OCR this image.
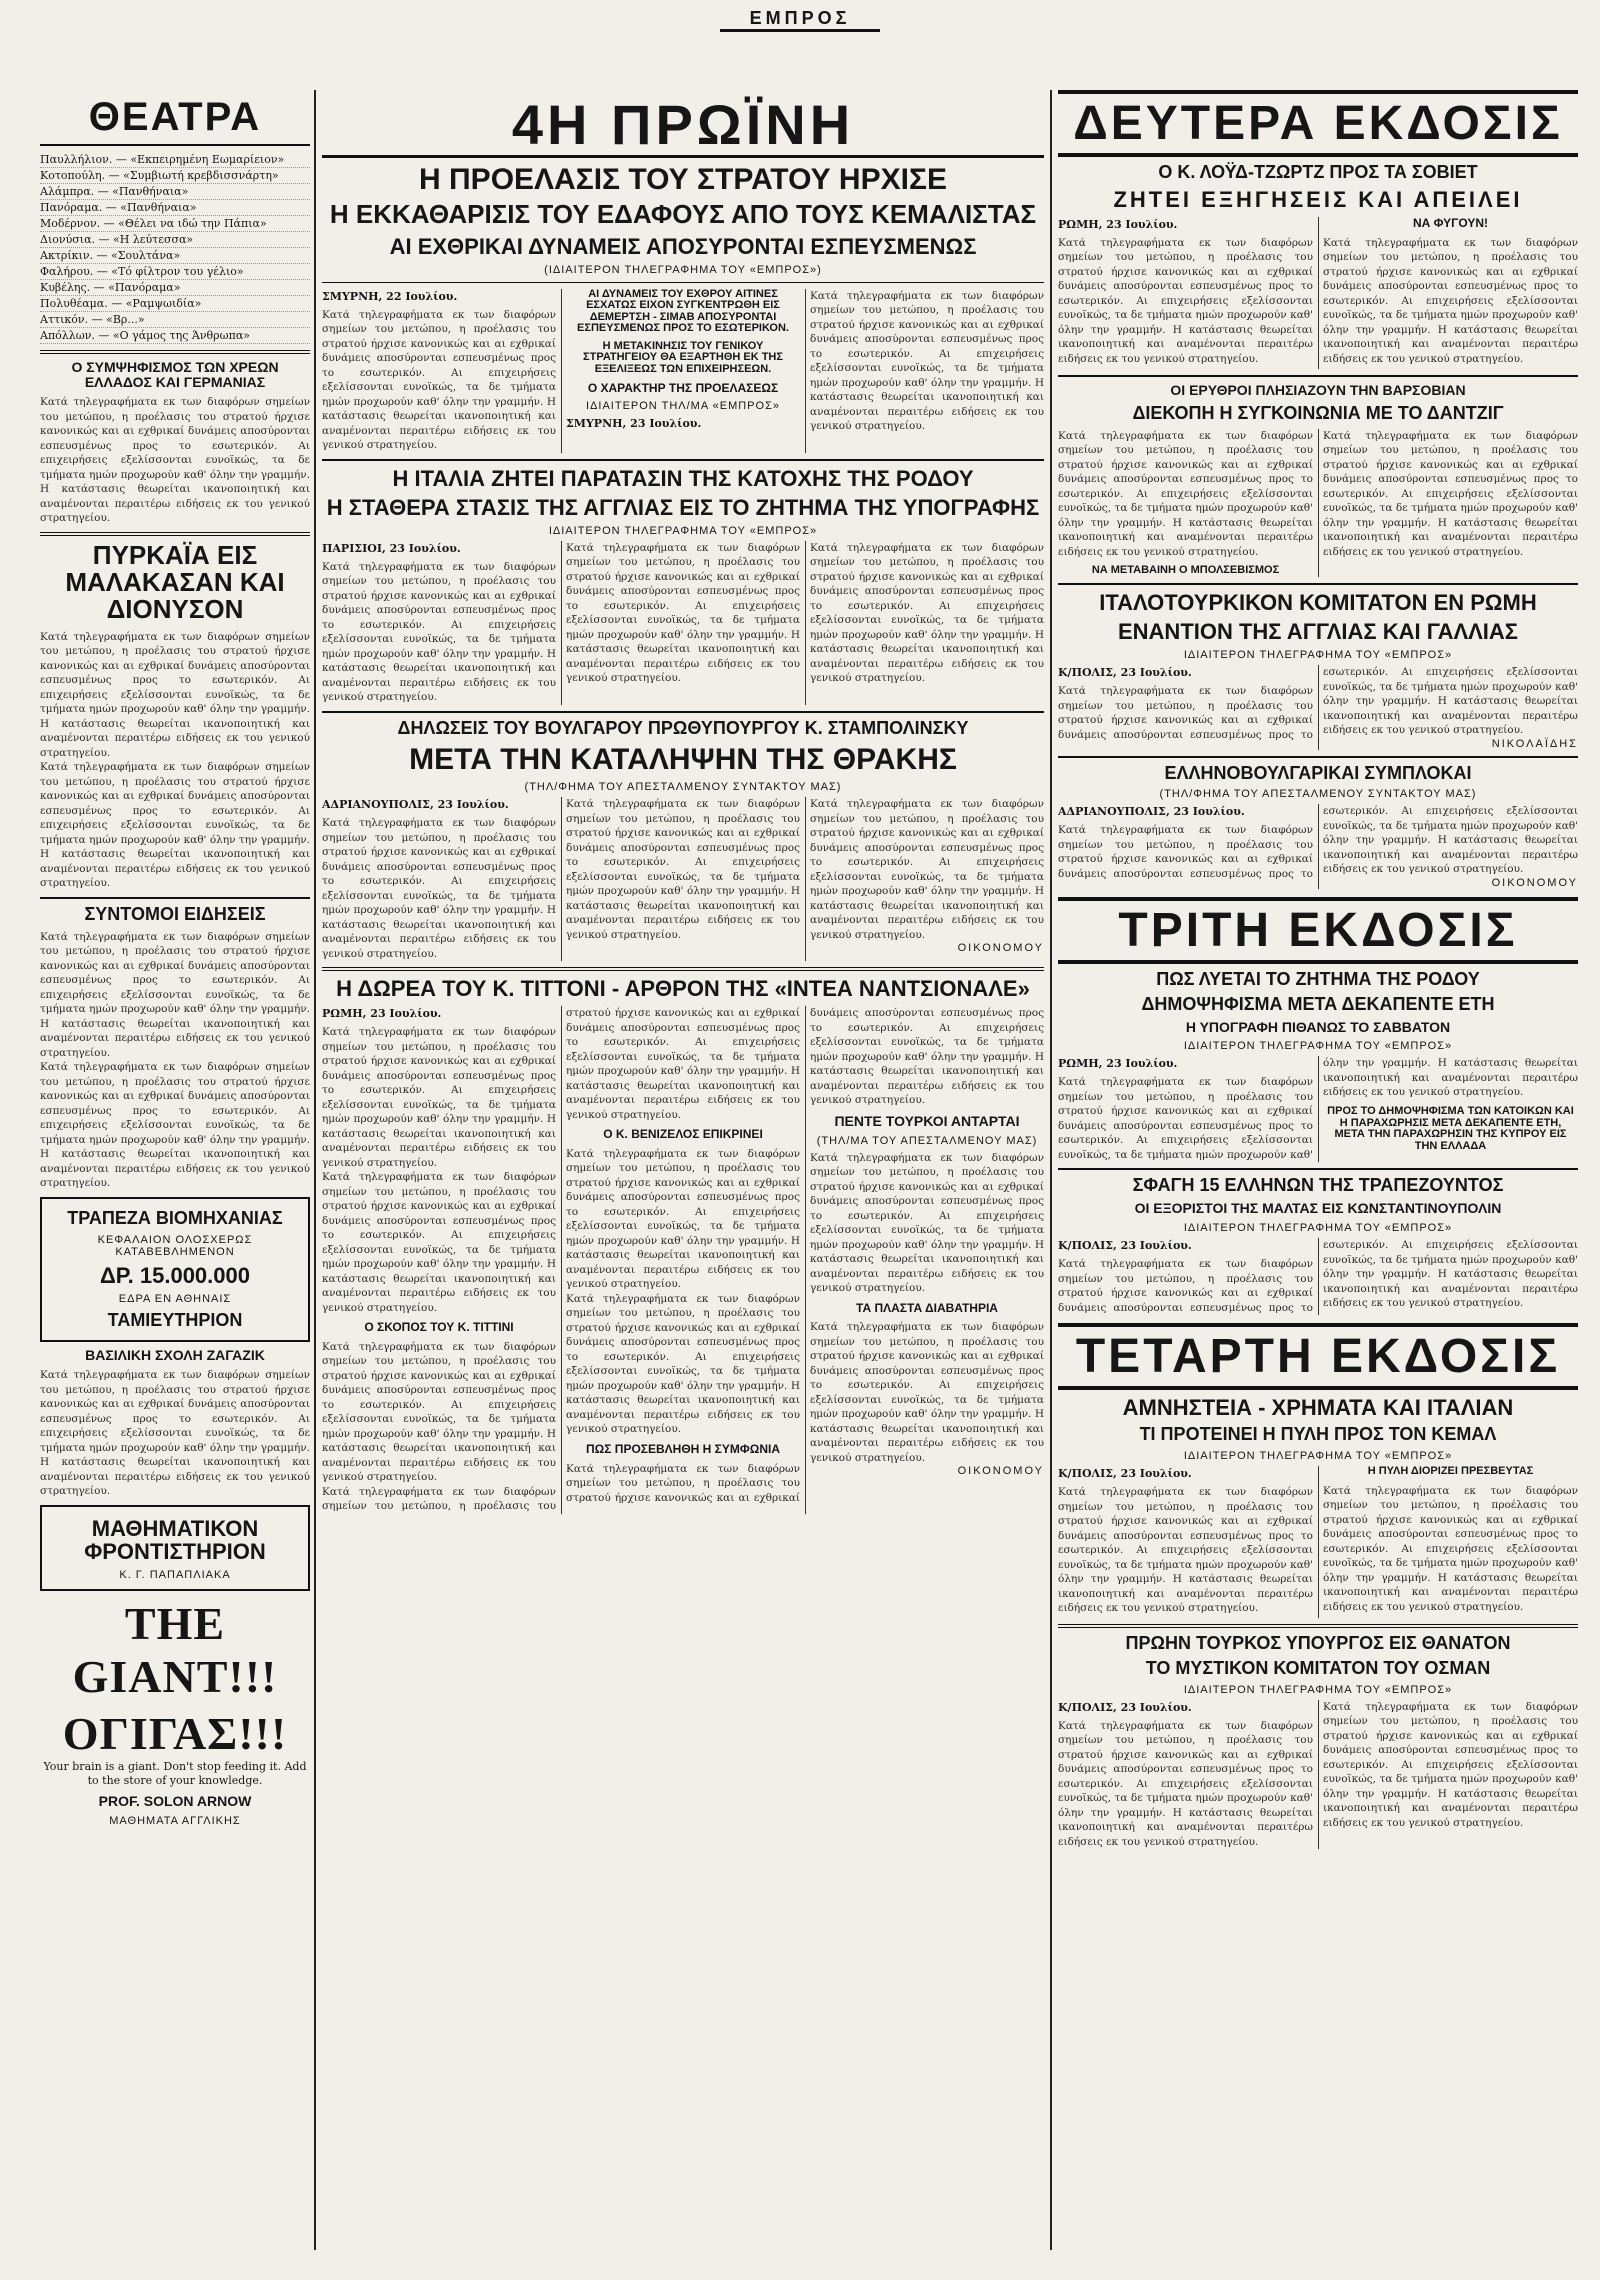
ΕΜΠΡΟΣ
ΘΕΑΤΡΑ
Παυλλήλιον. — «Εκπειρημένη Εωμαρίειον»
Κοτοπούλη. — «Συμβιωτή κρεβδισσνάρτη»
Αλάμπρα. — «Πανθήναια»
Πανόραμα. — «Πανθήναια»
Μοδέρνον. — «Θέλει να ιδώ την Πάπια»
Διονύσια. — «Η λεύτεσσα»
Ακτρίκιν. — «Σουλτάνα»
Φαλήρου. — «Τό φίλτρον του γέλιο»
Κυβέλης. — «Πανόραμα»
Πολυθέαμα. — «Ραμψωιδία»
Αττικόν. — «Βρ...»
Απόλλων. — «Ο γάμος της Άνθρωπα»
Ο ΣΥΜΨΗΦΙΣΜΟΣ ΤΩΝ ΧΡΕΩΝ ΕΛΛΑΔΟΣ ΚΑΙ ΓΕΡΜΑΝΙΑΣ

Κατά τηλεγραφήματα εκ των διαφόρων σημείων του μετώπου, η προέλασις του στρατού ήρχισε κανονικώς και αι εχθρικαί δυνάμεις αποσύρονται εσπευσμένως προς το εσωτερικόν. Αι επιχειρήσεις εξελίσσονται ευνοϊκώς, τα δε τμήματα ημών προχωρούν καθ' όλην την γραμμήν. Η κατάστασις θεωρείται ικανοποιητική και αναμένονται περαιτέρω ειδήσεις εκ του γενικού στρατηγείου.

ΠΥΡΚΑΪΑ ΕΙΣ ΜΑΛΑΚΑΣΑΝ ΚΑΙ ΔΙΟΝΥΣΟΝ

Κατά τηλεγραφήματα εκ των διαφόρων σημείων του μετώπου, η προέλασις του στρατού ήρχισε κανονικώς και αι εχθρικαί δυνάμεις αποσύρονται εσπευσμένως προς το εσωτερικόν. Αι επιχειρήσεις εξελίσσονται ευνοϊκώς, τα δε τμήματα ημών προχωρούν καθ' όλην την γραμμήν. Η κατάστασις θεωρείται ικανοποιητική και αναμένονται περαιτέρω ειδήσεις εκ του γενικού στρατηγείου.

Κατά τηλεγραφήματα εκ των διαφόρων σημείων του μετώπου, η προέλασις του στρατού ήρχισε κανονικώς και αι εχθρικαί δυνάμεις αποσύρονται εσπευσμένως προς το εσωτερικόν. Αι επιχειρήσεις εξελίσσονται ευνοϊκώς, τα δε τμήματα ημών προχωρούν καθ' όλην την γραμμήν. Η κατάστασις θεωρείται ικανοποιητική και αναμένονται περαιτέρω ειδήσεις εκ του γενικού στρατηγείου.

ΣΥΝΤΟΜΟΙ ΕΙΔΗΣΕΙΣ

Κατά τηλεγραφήματα εκ των διαφόρων σημείων του μετώπου, η προέλασις του στρατού ήρχισε κανονικώς και αι εχθρικαί δυνάμεις αποσύρονται εσπευσμένως προς το εσωτερικόν. Αι επιχειρήσεις εξελίσσονται ευνοϊκώς, τα δε τμήματα ημών προχωρούν καθ' όλην την γραμμήν. Η κατάστασις θεωρείται ικανοποιητική και αναμένονται περαιτέρω ειδήσεις εκ του γενικού στρατηγείου.

Κατά τηλεγραφήματα εκ των διαφόρων σημείων του μετώπου, η προέλασις του στρατού ήρχισε κανονικώς και αι εχθρικαί δυνάμεις αποσύρονται εσπευσμένως προς το εσωτερικόν. Αι επιχειρήσεις εξελίσσονται ευνοϊκώς, τα δε τμήματα ημών προχωρούν καθ' όλην την γραμμήν. Η κατάστασις θεωρείται ικανοποιητική και αναμένονται περαιτέρω ειδήσεις εκ του γενικού στρατηγείου.

ΤΡΑΠΕΖΑ ΒΙΟΜΗΧΑΝΙΑΣ
ΚΕΦΑΛΑΙΟΝ ΟΛΟΣΧΕΡΩΣ ΚΑΤΑΒΕΒΛΗΜΕΝΟΝ
ΔΡ. 15.000.000
ΕΔΡΑ ΕΝ ΑΘΗΝΑΙΣ
ΤΑΜΙΕΥΤΗΡΙΟΝ
ΒΑΣΙΛΙΚΗ ΣΧΟΛΗ ΖΑΓΑΖΙΚ

Κατά τηλεγραφήματα εκ των διαφόρων σημείων του μετώπου, η προέλασις του στρατού ήρχισε κανονικώς και αι εχθρικαί δυνάμεις αποσύρονται εσπευσμένως προς το εσωτερικόν. Αι επιχειρήσεις εξελίσσονται ευνοϊκώς, τα δε τμήματα ημών προχωρούν καθ' όλην την γραμμήν. Η κατάστασις θεωρείται ικανοποιητική και αναμένονται περαιτέρω ειδήσεις εκ του γενικού στρατηγείου.

ΜΑΘΗΜΑΤΙΚΟΝ ΦΡΟΝΤΙΣΤΗΡΙΟΝ
Κ. Γ. ΠΑΠΑΠΛΙΑΚΑ
THE GIANT!!!
ΟΓΙΓΑΣ!!!
Your brain is a giant. Don't stop feeding it. Add to the store of your knowledge.
PROF. SOLON ARNOW
ΜΑΘΗΜΑΤΑ ΑΓΓΛΙΚΗΣ
4Η ΠΡΩΪΝΗ
Η ΠΡΟΕΛΑΣΙΣ ΤΟΥ ΣΤΡΑΤΟΥ ΗΡΧΙΣΕ
Η ΕΚΚΑΘΑΡΙΣΙΣ ΤΟΥ ΕΔΑΦΟΥΣ ΑΠΟ ΤΟΥΣ ΚΕΜΑΛΙΣΤΑΣ
ΑΙ ΕΧΘΡΙΚΑΙ ΔΥΝΑΜΕΙΣ ΑΠΟΣΥΡΟΝΤΑΙ ΕΣΠΕΥΣΜΕΝΩΣ
(ΙΔΙΑΙΤΕΡΟΝ ΤΗΛΕΓΡΑΦΗΜΑ ΤΟΥ «ΕΜΠΡΟΣ»)
ΣΜΥΡΝΗ, 22 Ιουλίου.

Κατά τηλεγραφήματα εκ των διαφόρων σημείων του μετώπου, η προέλασις του στρατού ήρχισε κανονικώς και αι εχθρικαί δυνάμεις αποσύρονται εσπευσμένως προς το εσωτερικόν. Αι επιχειρήσεις εξελίσσονται ευνοϊκώς, τα δε τμήματα ημών προχωρούν καθ' όλην την γραμμήν. Η κατάστασις θεωρείται ικανοποιητική και αναμένονται περαιτέρω ειδήσεις εκ του γενικού στρατηγείου.

ΑΙ ΔΥΝΑΜΕΙΣ ΤΟΥ ΕΧΘΡΟΥ ΑΙΤΙΝΕΣ ΕΣΧΑΤΩΣ ΕΙΧΟΝ ΣΥΓΚΕΝΤΡΩΘΗ ΕΙΣ ΔΕΜΕΡΤΣΗ - ΣΙΜΑΒ ΑΠΟΣΥΡΟΝΤΑΙ ΕΣΠΕΥΣΜΕΝΩΣ ΠΡΟΣ ΤΟ ΕΣΩΤΕΡΙΚΟΝ.
Η ΜΕΤΑΚΙΝΗΣΙΣ ΤΟΥ ΓΕΝΙΚΟΥ ΣΤΡΑΤΗΓΕΙΟΥ ΘΑ ΕΞΑΡΤΗΘΗ ΕΚ ΤΗΣ ΕΞΕΛΙΞΕΩΣ ΤΩΝ ΕΠΙΧΕΙΡΗΣΕΩΝ.
Ο ΧΑΡΑΚΤΗΡ ΤΗΣ ΠΡΟΕΛΑΣΕΩΣ
ΙΔΙΑΙΤΕΡΟΝ ΤΗΛ/ΜΑ «ΕΜΠΡΟΣ»
ΣΜΥΡΝΗ, 23 Ιουλίου.

Κατά τηλεγραφήματα εκ των διαφόρων σημείων του μετώπου, η προέλασις του στρατού ήρχισε κανονικώς και αι εχθρικαί δυνάμεις αποσύρονται εσπευσμένως προς το εσωτερικόν. Αι επιχειρήσεις εξελίσσονται ευνοϊκώς, τα δε τμήματα ημών προχωρούν καθ' όλην την γραμμήν. Η κατάστασις θεωρείται ικανοποιητική και αναμένονται περαιτέρω ειδήσεις εκ του γενικού στρατηγείου.

Η ΙΤΑΛΙΑ ΖΗΤΕΙ ΠΑΡΑΤΑΣΙΝ ΤΗΣ ΚΑΤΟΧΗΣ ΤΗΣ ΡΟΔΟΥ
Η ΣΤΑΘΕΡΑ ΣΤΑΣΙΣ ΤΗΣ ΑΓΓΛΙΑΣ ΕΙΣ ΤΟ ΖΗΤΗΜΑ ΤΗΣ ΥΠΟΓΡΑΦΗΣ
ΙΔΙΑΙΤΕΡΟΝ ΤΗΛΕΓΡΑΦΗΜΑ ΤΟΥ «ΕΜΠΡΟΣ»
ΠΑΡΙΣΙΟΙ, 23 Ιουλίου.

Κατά τηλεγραφήματα εκ των διαφόρων σημείων του μετώπου, η προέλασις του στρατού ήρχισε κανονικώς και αι εχθρικαί δυνάμεις αποσύρονται εσπευσμένως προς το εσωτερικόν. Αι επιχειρήσεις εξελίσσονται ευνοϊκώς, τα δε τμήματα ημών προχωρούν καθ' όλην την γραμμήν. Η κατάστασις θεωρείται ικανοποιητική και αναμένονται περαιτέρω ειδήσεις εκ του γενικού στρατηγείου.

Κατά τηλεγραφήματα εκ των διαφόρων σημείων του μετώπου, η προέλασις του στρατού ήρχισε κανονικώς και αι εχθρικαί δυνάμεις αποσύρονται εσπευσμένως προς το εσωτερικόν. Αι επιχειρήσεις εξελίσσονται ευνοϊκώς, τα δε τμήματα ημών προχωρούν καθ' όλην την γραμμήν. Η κατάστασις θεωρείται ικανοποιητική και αναμένονται περαιτέρω ειδήσεις εκ του γενικού στρατηγείου.

Κατά τηλεγραφήματα εκ των διαφόρων σημείων του μετώπου, η προέλασις του στρατού ήρχισε κανονικώς και αι εχθρικαί δυνάμεις αποσύρονται εσπευσμένως προς το εσωτερικόν. Αι επιχειρήσεις εξελίσσονται ευνοϊκώς, τα δε τμήματα ημών προχωρούν καθ' όλην την γραμμήν. Η κατάστασις θεωρείται ικανοποιητική και αναμένονται περαιτέρω ειδήσεις εκ του γενικού στρατηγείου.

ΔΗΛΩΣΕΙΣ ΤΟΥ ΒΟΥΛΓΑΡΟΥ ΠΡΩΘΥΠΟΥΡΓΟΥ Κ. ΣΤΑΜΠΟΛΙΝΣΚΥ
ΜΕΤΑ ΤΗΝ ΚΑΤΑΛΗΨΗΝ ΤΗΣ ΘΡΑΚΗΣ
(ΤΗΛ/ΦΗΜΑ ΤΟΥ ΑΠΕΣΤΑΛΜΕΝΟΥ ΣΥΝΤΑΚΤΟΥ ΜΑΣ)
ΑΔΡΙΑΝΟΥΠΟΛΙΣ, 23 Ιουλίου.

Κατά τηλεγραφήματα εκ των διαφόρων σημείων του μετώπου, η προέλασις του στρατού ήρχισε κανονικώς και αι εχθρικαί δυνάμεις αποσύρονται εσπευσμένως προς το εσωτερικόν. Αι επιχειρήσεις εξελίσσονται ευνοϊκώς, τα δε τμήματα ημών προχωρούν καθ' όλην την γραμμήν. Η κατάστασις θεωρείται ικανοποιητική και αναμένονται περαιτέρω ειδήσεις εκ του γενικού στρατηγείου.

Κατά τηλεγραφήματα εκ των διαφόρων σημείων του μετώπου, η προέλασις του στρατού ήρχισε κανονικώς και αι εχθρικαί δυνάμεις αποσύρονται εσπευσμένως προς το εσωτερικόν. Αι επιχειρήσεις εξελίσσονται ευνοϊκώς, τα δε τμήματα ημών προχωρούν καθ' όλην την γραμμήν. Η κατάστασις θεωρείται ικανοποιητική και αναμένονται περαιτέρω ειδήσεις εκ του γενικού στρατηγείου.

Κατά τηλεγραφήματα εκ των διαφόρων σημείων του μετώπου, η προέλασις του στρατού ήρχισε κανονικώς και αι εχθρικαί δυνάμεις αποσύρονται εσπευσμένως προς το εσωτερικόν. Αι επιχειρήσεις εξελίσσονται ευνοϊκώς, τα δε τμήματα ημών προχωρούν καθ' όλην την γραμμήν. Η κατάστασις θεωρείται ικανοποιητική και αναμένονται περαιτέρω ειδήσεις εκ του γενικού στρατηγείου.

ΟΙΚΟΝΟΜΟΥ
Η ΔΩΡΕΑ ΤΟΥ Κ. ΤΙΤΤΟΝΙ - ΑΡΘΡΟΝ ΤΗΣ «ΙΝΤΕΑ ΝΑΝΤΣΙΟΝΑΛΕ»
ΡΩΜΗ, 23 Ιουλίου.

Κατά τηλεγραφήματα εκ των διαφόρων σημείων του μετώπου, η προέλασις του στρατού ήρχισε κανονικώς και αι εχθρικαί δυνάμεις αποσύρονται εσπευσμένως προς το εσωτερικόν. Αι επιχειρήσεις εξελίσσονται ευνοϊκώς, τα δε τμήματα ημών προχωρούν καθ' όλην την γραμμήν. Η κατάστασις θεωρείται ικανοποιητική και αναμένονται περαιτέρω ειδήσεις εκ του γενικού στρατηγείου.

Κατά τηλεγραφήματα εκ των διαφόρων σημείων του μετώπου, η προέλασις του στρατού ήρχισε κανονικώς και αι εχθρικαί δυνάμεις αποσύρονται εσπευσμένως προς το εσωτερικόν. Αι επιχειρήσεις εξελίσσονται ευνοϊκώς, τα δε τμήματα ημών προχωρούν καθ' όλην την γραμμήν. Η κατάστασις θεωρείται ικανοποιητική και αναμένονται περαιτέρω ειδήσεις εκ του γενικού στρατηγείου.

Ο ΣΚΟΠΟΣ ΤΟΥ Κ. ΤΙΤΤΙΝΙ

Κατά τηλεγραφήματα εκ των διαφόρων σημείων του μετώπου, η προέλασις του στρατού ήρχισε κανονικώς και αι εχθρικαί δυνάμεις αποσύρονται εσπευσμένως προς το εσωτερικόν. Αι επιχειρήσεις εξελίσσονται ευνοϊκώς, τα δε τμήματα ημών προχωρούν καθ' όλην την γραμμήν. Η κατάστασις θεωρείται ικανοποιητική και αναμένονται περαιτέρω ειδήσεις εκ του γενικού στρατηγείου.

Κατά τηλεγραφήματα εκ των διαφόρων σημείων του μετώπου, η προέλασις του στρατού ήρχισε κανονικώς και αι εχθρικαί δυνάμεις αποσύρονται εσπευσμένως προς το εσωτερικόν. Αι επιχειρήσεις εξελίσσονται ευνοϊκώς, τα δε τμήματα ημών προχωρούν καθ' όλην την γραμμήν. Η κατάστασις θεωρείται ικανοποιητική και αναμένονται περαιτέρω ειδήσεις εκ του γενικού στρατηγείου.

Ο Κ. ΒΕΝΙΖΕΛΟΣ ΕΠΙΚΡΙΝΕΙ

Κατά τηλεγραφήματα εκ των διαφόρων σημείων του μετώπου, η προέλασις του στρατού ήρχισε κανονικώς και αι εχθρικαί δυνάμεις αποσύρονται εσπευσμένως προς το εσωτερικόν. Αι επιχειρήσεις εξελίσσονται ευνοϊκώς, τα δε τμήματα ημών προχωρούν καθ' όλην την γραμμήν. Η κατάστασις θεωρείται ικανοποιητική και αναμένονται περαιτέρω ειδήσεις εκ του γενικού στρατηγείου.

Κατά τηλεγραφήματα εκ των διαφόρων σημείων του μετώπου, η προέλασις του στρατού ήρχισε κανονικώς και αι εχθρικαί δυνάμεις αποσύρονται εσπευσμένως προς το εσωτερικόν. Αι επιχειρήσεις εξελίσσονται ευνοϊκώς, τα δε τμήματα ημών προχωρούν καθ' όλην την γραμμήν. Η κατάστασις θεωρείται ικανοποιητική και αναμένονται περαιτέρω ειδήσεις εκ του γενικού στρατηγείου.

ΠΩΣ ΠΡΟΣΕΒΛΗΘΗ Η ΣΥΜΦΩΝΙΑ

Κατά τηλεγραφήματα εκ των διαφόρων σημείων του μετώπου, η προέλασις του στρατού ήρχισε κανονικώς και αι εχθρικαί δυνάμεις αποσύρονται εσπευσμένως προς το εσωτερικόν. Αι επιχειρήσεις εξελίσσονται ευνοϊκώς, τα δε τμήματα ημών προχωρούν καθ' όλην την γραμμήν. Η κατάστασις θεωρείται ικανοποιητική και αναμένονται περαιτέρω ειδήσεις εκ του γενικού στρατηγείου.

ΠΕΝΤΕ ΤΟΥΡΚΟΙ ΑΝΤΑΡΤΑΙ
(ΤΗΛ/ΜΑ ΤΟΥ ΑΠΕΣΤΑΛΜΕΝΟΥ ΜΑΣ)

Κατά τηλεγραφήματα εκ των διαφόρων σημείων του μετώπου, η προέλασις του στρατού ήρχισε κανονικώς και αι εχθρικαί δυνάμεις αποσύρονται εσπευσμένως προς το εσωτερικόν. Αι επιχειρήσεις εξελίσσονται ευνοϊκώς, τα δε τμήματα ημών προχωρούν καθ' όλην την γραμμήν. Η κατάστασις θεωρείται ικανοποιητική και αναμένονται περαιτέρω ειδήσεις εκ του γενικού στρατηγείου.

ΤΑ ΠΛΑΣΤΑ ΔΙΑΒΑΤΗΡΙΑ

Κατά τηλεγραφήματα εκ των διαφόρων σημείων του μετώπου, η προέλασις του στρατού ήρχισε κανονικώς και αι εχθρικαί δυνάμεις αποσύρονται εσπευσμένως προς το εσωτερικόν. Αι επιχειρήσεις εξελίσσονται ευνοϊκώς, τα δε τμήματα ημών προχωρούν καθ' όλην την γραμμήν. Η κατάστασις θεωρείται ικανοποιητική και αναμένονται περαιτέρω ειδήσεις εκ του γενικού στρατηγείου.

ΟΙΚΟΝΟΜΟΥ
ΔΕΥΤΕΡΑ ΕΚΔΟΣΙΣ
Ο Κ. ΛΟΫΔ-ΤΖΩΡΤΖ ΠΡΟΣ ΤΑ ΣΟΒΙΕΤ
ΖΗΤΕΙ ΕΞΗΓΗΣΕΙΣ ΚΑΙ ΑΠΕΙΛΕΙ
ΡΩΜΗ, 23 Ιουλίου.

Κατά τηλεγραφήματα εκ των διαφόρων σημείων του μετώπου, η προέλασις του στρατού ήρχισε κανονικώς και αι εχθρικαί δυνάμεις αποσύρονται εσπευσμένως προς το εσωτερικόν. Αι επιχειρήσεις εξελίσσονται ευνοϊκώς, τα δε τμήματα ημών προχωρούν καθ' όλην την γραμμήν. Η κατάστασις θεωρείται ικανοποιητική και αναμένονται περαιτέρω ειδήσεις εκ του γενικού στρατηγείου.

ΝΑ ΦΥΓΟΥΝ!

Κατά τηλεγραφήματα εκ των διαφόρων σημείων του μετώπου, η προέλασις του στρατού ήρχισε κανονικώς και αι εχθρικαί δυνάμεις αποσύρονται εσπευσμένως προς το εσωτερικόν. Αι επιχειρήσεις εξελίσσονται ευνοϊκώς, τα δε τμήματα ημών προχωρούν καθ' όλην την γραμμήν. Η κατάστασις θεωρείται ικανοποιητική και αναμένονται περαιτέρω ειδήσεις εκ του γενικού στρατηγείου.

ΟΙ ΕΡΥΘΡΟΙ ΠΛΗΣΙΑΖΟΥΝ ΤΗΝ ΒΑΡΣΟΒΙΑΝ
ΔΙΕΚΟΠΗ Η ΣΥΓΚΟΙΝΩΝΙΑ ΜΕ ΤΟ ΔΑΝΤΖΙΓ

Κατά τηλεγραφήματα εκ των διαφόρων σημείων του μετώπου, η προέλασις του στρατού ήρχισε κανονικώς και αι εχθρικαί δυνάμεις αποσύρονται εσπευσμένως προς το εσωτερικόν. Αι επιχειρήσεις εξελίσσονται ευνοϊκώς, τα δε τμήματα ημών προχωρούν καθ' όλην την γραμμήν. Η κατάστασις θεωρείται ικανοποιητική και αναμένονται περαιτέρω ειδήσεις εκ του γενικού στρατηγείου.

ΝΑ ΜΕΤΑΒΑΙΝΗ Ο ΜΠΟΛΣΕΒΙΣΜΟΣ

Κατά τηλεγραφήματα εκ των διαφόρων σημείων του μετώπου, η προέλασις του στρατού ήρχισε κανονικώς και αι εχθρικαί δυνάμεις αποσύρονται εσπευσμένως προς το εσωτερικόν. Αι επιχειρήσεις εξελίσσονται ευνοϊκώς, τα δε τμήματα ημών προχωρούν καθ' όλην την γραμμήν. Η κατάστασις θεωρείται ικανοποιητική και αναμένονται περαιτέρω ειδήσεις εκ του γενικού στρατηγείου.

ΙΤΑΛΟΤΟΥΡΚΙΚΟΝ ΚΟΜΙΤΑΤΟΝ ΕΝ ΡΩΜΗ
ΕΝΑΝΤΙΟΝ ΤΗΣ ΑΓΓΛΙΑΣ ΚΑΙ ΓΑΛΛΙΑΣ
ΙΔΙΑΙΤΕΡΟΝ ΤΗΛΕΓΡΑΦΗΜΑ ΤΟΥ «ΕΜΠΡΟΣ»
Κ/ΠΟΛΙΣ, 23 Ιουλίου.

Κατά τηλεγραφήματα εκ των διαφόρων σημείων του μετώπου, η προέλασις του στρατού ήρχισε κανονικώς και αι εχθρικαί δυνάμεις αποσύρονται εσπευσμένως προς το εσωτερικόν. Αι επιχειρήσεις εξελίσσονται ευνοϊκώς, τα δε τμήματα ημών προχωρούν καθ' όλην την γραμμήν. Η κατάστασις θεωρείται ικανοποιητική και αναμένονται περαιτέρω ειδήσεις εκ του γενικού στρατηγείου.

ΝΙΚΟΛΑΪΔΗΣ
ΕΛΛΗΝΟΒΟΥΛΓΑΡΙΚΑΙ ΣΥΜΠΛΟΚΑΙ
(ΤΗΛ/ΦΗΜΑ ΤΟΥ ΑΠΕΣΤΑΛΜΕΝΟΥ ΣΥΝΤΑΚΤΟΥ ΜΑΣ)
ΑΔΡΙΑΝΟΥΠΟΛΙΣ, 23 Ιουλίου.

Κατά τηλεγραφήματα εκ των διαφόρων σημείων του μετώπου, η προέλασις του στρατού ήρχισε κανονικώς και αι εχθρικαί δυνάμεις αποσύρονται εσπευσμένως προς το εσωτερικόν. Αι επιχειρήσεις εξελίσσονται ευνοϊκώς, τα δε τμήματα ημών προχωρούν καθ' όλην την γραμμήν. Η κατάστασις θεωρείται ικανοποιητική και αναμένονται περαιτέρω ειδήσεις εκ του γενικού στρατηγείου.

ΟΙΚΟΝΟΜΟΥ
ΤΡΙΤΗ ΕΚΔΟΣΙΣ
ΠΩΣ ΛΥΕΤΑΙ ΤΟ ΖΗΤΗΜΑ ΤΗΣ ΡΟΔΟΥ
ΔΗΜΟΨΗΦΙΣΜΑ ΜΕΤΑ ΔΕΚΑΠΕΝΤΕ ΕΤΗ
Η ΥΠΟΓΡΑΦΗ ΠΙΘΑΝΩΣ ΤΟ ΣΑΒΒΑΤΟΝ
ΙΔΙΑΙΤΕΡΟΝ ΤΗΛΕΓΡΑΦΗΜΑ ΤΟΥ «ΕΜΠΡΟΣ»
ΡΩΜΗ, 23 Ιουλίου.

Κατά τηλεγραφήματα εκ των διαφόρων σημείων του μετώπου, η προέλασις του στρατού ήρχισε κανονικώς και αι εχθρικαί δυνάμεις αποσύρονται εσπευσμένως προς το εσωτερικόν. Αι επιχειρήσεις εξελίσσονται ευνοϊκώς, τα δε τμήματα ημών προχωρούν καθ' όλην την γραμμήν. Η κατάστασις θεωρείται ικανοποιητική και αναμένονται περαιτέρω ειδήσεις εκ του γενικού στρατηγείου.

ΠΡΟΣ ΤΟ ΔΗΜΟΨΗΦΙΣΜΑ ΤΩΝ ΚΑΤΟΙΚΩΝ ΚΑΙ Η ΠΑΡΑΧΩΡΗΣΙΣ ΜΕΤΑ ΔΕΚΑΠΕΝΤΕ ΕΤΗ, ΜΕΤΑ ΤΗΝ ΠΑΡΑΧΩΡΗΣΙΝ ΤΗΣ ΚΥΠΡΟΥ ΕΙΣ ΤΗΝ ΕΛΛΑΔΑ
ΣΦΑΓΗ 15 ΕΛΛΗΝΩΝ ΤΗΣ ΤΡΑΠΕΖΟΥΝΤΟΣ
ΟΙ ΕΞΟΡΙΣΤΟΙ ΤΗΣ ΜΑΛΤΑΣ ΕΙΣ ΚΩΝΣΤΑΝΤΙΝΟΥΠΟΛΙΝ
ΙΔΙΑΙΤΕΡΟΝ ΤΗΛΕΓΡΑΦΗΜΑ ΤΟΥ «ΕΜΠΡΟΣ»
Κ/ΠΟΛΙΣ, 23 Ιουλίου.

Κατά τηλεγραφήματα εκ των διαφόρων σημείων του μετώπου, η προέλασις του στρατού ήρχισε κανονικώς και αι εχθρικαί δυνάμεις αποσύρονται εσπευσμένως προς το εσωτερικόν. Αι επιχειρήσεις εξελίσσονται ευνοϊκώς, τα δε τμήματα ημών προχωρούν καθ' όλην την γραμμήν. Η κατάστασις θεωρείται ικανοποιητική και αναμένονται περαιτέρω ειδήσεις εκ του γενικού στρατηγείου.

ΤΕΤΑΡΤΗ ΕΚΔΟΣΙΣ
ΑΜΝΗΣΤΕΙΑ - ΧΡΗΜΑΤΑ ΚΑΙ ΙΤΑΛΙΑΝ
ΤΙ ΠΡΟΤΕΙΝΕΙ Η ΠΥΛΗ ΠΡΟΣ ΤΟΝ ΚΕΜΑΛ
ΙΔΙΑΙΤΕΡΟΝ ΤΗΛΕΓΡΑΦΗΜΑ ΤΟΥ «ΕΜΠΡΟΣ»
Κ/ΠΟΛΙΣ, 23 Ιουλίου.

Κατά τηλεγραφήματα εκ των διαφόρων σημείων του μετώπου, η προέλασις του στρατού ήρχισε κανονικώς και αι εχθρικαί δυνάμεις αποσύρονται εσπευσμένως προς το εσωτερικόν. Αι επιχειρήσεις εξελίσσονται ευνοϊκώς, τα δε τμήματα ημών προχωρούν καθ' όλην την γραμμήν. Η κατάστασις θεωρείται ικανοποιητική και αναμένονται περαιτέρω ειδήσεις εκ του γενικού στρατηγείου.

Η ΠΥΛΗ ΔΙΟΡΙΖΕΙ ΠΡΕΣΒΕΥΤΑΣ

Κατά τηλεγραφήματα εκ των διαφόρων σημείων του μετώπου, η προέλασις του στρατού ήρχισε κανονικώς και αι εχθρικαί δυνάμεις αποσύρονται εσπευσμένως προς το εσωτερικόν. Αι επιχειρήσεις εξελίσσονται ευνοϊκώς, τα δε τμήματα ημών προχωρούν καθ' όλην την γραμμήν. Η κατάστασις θεωρείται ικανοποιητική και αναμένονται περαιτέρω ειδήσεις εκ του γενικού στρατηγείου.

ΠΡΩΗΝ ΤΟΥΡΚΟΣ ΥΠΟΥΡΓΟΣ ΕΙΣ ΘΑΝΑΤΟΝ
ΤΟ ΜΥΣΤΙΚΟΝ ΚΟΜΙΤΑΤΟΝ ΤΟΥ ΟΣΜΑΝ
ΙΔΙΑΙΤΕΡΟΝ ΤΗΛΕΓΡΑΦΗΜΑ ΤΟΥ «ΕΜΠΡΟΣ»
Κ/ΠΟΛΙΣ, 23 Ιουλίου.

Κατά τηλεγραφήματα εκ των διαφόρων σημείων του μετώπου, η προέλασις του στρατού ήρχισε κανονικώς και αι εχθρικαί δυνάμεις αποσύρονται εσπευσμένως προς το εσωτερικόν. Αι επιχειρήσεις εξελίσσονται ευνοϊκώς, τα δε τμήματα ημών προχωρούν καθ' όλην την γραμμήν. Η κατάστασις θεωρείται ικανοποιητική και αναμένονται περαιτέρω ειδήσεις εκ του γενικού στρατηγείου.

Κατά τηλεγραφήματα εκ των διαφόρων σημείων του μετώπου, η προέλασις του στρατού ήρχισε κανονικώς και αι εχθρικαί δυνάμεις αποσύρονται εσπευσμένως προς το εσωτερικόν. Αι επιχειρήσεις εξελίσσονται ευνοϊκώς, τα δε τμήματα ημών προχωρούν καθ' όλην την γραμμήν. Η κατάστασις θεωρείται ικανοποιητική και αναμένονται περαιτέρω ειδήσεις εκ του γενικού στρατηγείου.
